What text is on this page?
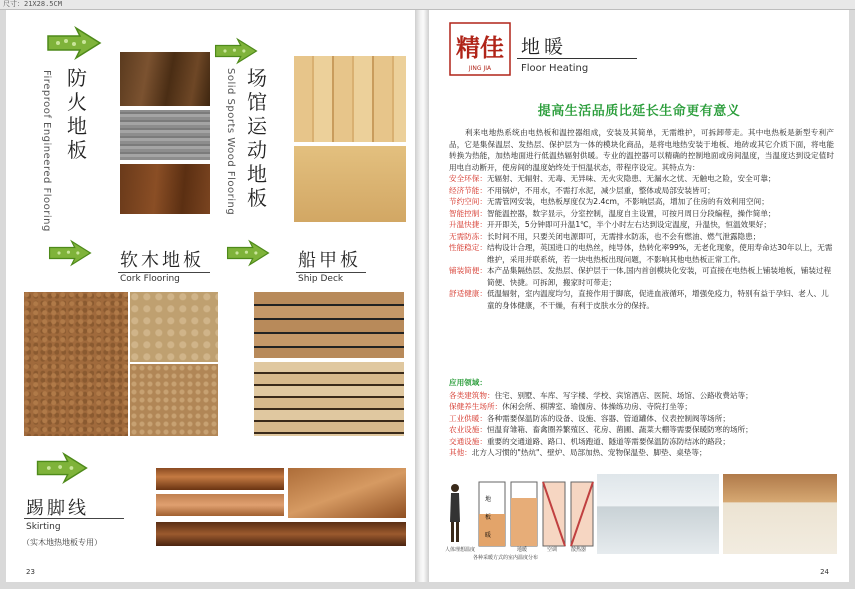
尺寸：21X28.5CM
防火地板
Fireproof Engineered Flooring	场馆运动地板
Solid Sports Wood Flooring
软木地板
Cork Flooring
船甲板
Ship Deck
踢脚线
Skirting
（实木地热地板专用）
23
精佳
JING JIA
地暖
Floor Heating
提高生活品质比延长生命更有意义

利来电地热系统由电热板和温控器组成，安装及其简单，无需维护，可拆卸带走。其中电热板是新型专利产品，它是集保温层、发热层、保护层为一体的模块化商品，是将电地热安装于地板、地砖或其它介质下面，将电能转换为热能，加热地面进行低温热辐射供暖。专业的温控器可以精确的控制地面或房间温度，当温度达到设定值时用电自动断开，使房间的温度始终处于恒温状态，带程序设定。其特点为：

安全环保： 无辐射、无辐射、无毒、无异味、无火灾隐患、无漏水之忧、无触电之险，安全可靠；
经济节能： 不用锅炉，不用水，不需打水泥，减少层重，整体或局部安装皆可；
节约空间： 无需管网安装，电热板厚度仅为2.4cm，不影响层高，增加了住房的有效利用空间；
智能控制： 智能温控器，数字显示，分室控制，温度自主设置，可按月周日分段编程，操作简单；
升温快捷： 开开即关，5分钟即可升温1℃，半个小时左右达到设定温度，升温快，恒温效果好；
无需防冻： 长时间不用，只要关闭电源即可，无需排水防冻，也不会有燃油、燃气泄露隐患；
性能稳定： 结构设计合理，英国进口的电热丝，纯导体，热转化率99%，无老化现象，使用寿命达30年以上，无需维护，采用并联系统，若一块电热板出现问题，不影响其他电热板正常工作。
铺装简便： 本产品集隔热层、发热层、保护层于一体,国内首创模块化安装，可直接在电热板上铺装地板，铺装过程简便、快捷。可拆卸，搬家时可带走；
舒适健康： 低温辐射，室内温度均匀，直接作用于脚底，促进血液循环，增强免疫力，特别有益于孕妇、老人、儿童的身体健康，不干燥，有利于皮肤水分的保持。
应用领域：
各类建筑物：住宅、别墅、车库、写字楼、学校、宾馆酒店、医院、场馆、公路收费站等；
保健养生场所：休闲会所、棋牌室、瑜伽房、体操练功房、寺院打坐等；
工业供暖：各种需要保温防冻的设备、设施、容器、管道罐体、仪表控制阀等场所；
农业设施：恒温育雏箱、畜禽圈养繁殖区、花房、菌圃、蔬菜大棚等需要保暖防寒的场所；
交通设施：重要的交通道路、路口、机场跑道、隧道等需要保温防冻防结冰的路段；
其他：北方人习惯的"热炕"、壁炉、局部加热、宠物保温垫、脚垫、桌垫等；
地
板
暖
人体理想温度	地暖	空调	散热器
各种采暖方式的室内温度分布
24
